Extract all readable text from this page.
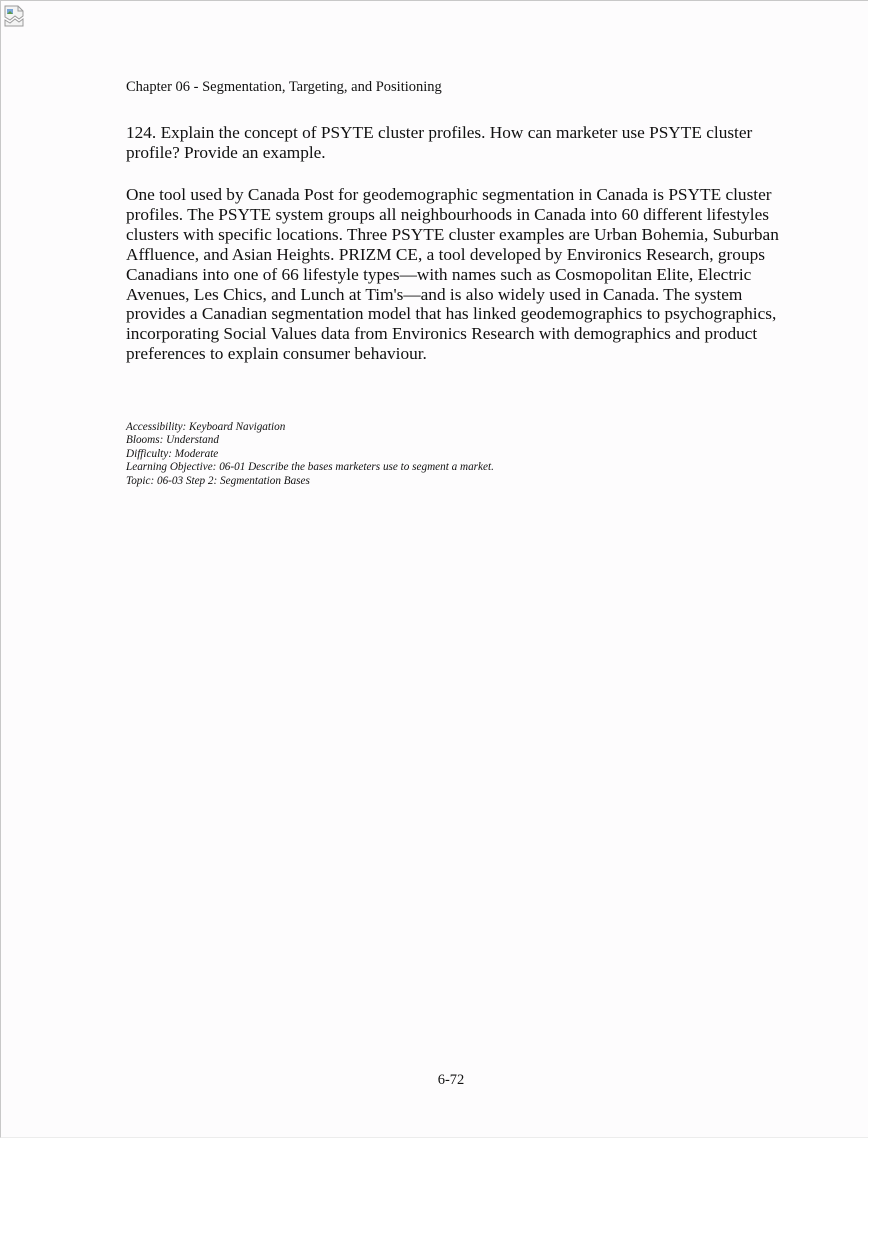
Chapter 06 - Segmentation, Targeting, and Positioning

124. Explain the concept of PSYTE cluster profiles. How can marketer use PSYTE cluster profile? Provide an example.

One tool used by Canada Post for geodemographic segmentation in Canada is PSYTE cluster
profiles. The PSYTE system groups all neighbourhoods in Canada into 60 different lifestyles
clusters with specific locations. Three PSYTE cluster examples are Urban Bohemia, Suburban
Affluence, and Asian Heights. PRIZM CE, a tool developed by Environics Research, groups
Canadians into one of 66 lifestyle types—with names such as Cosmopolitan Elite, Electric
Avenues, Les Chics, and Lunch at Tim's—and is also widely used in Canada. The system
provides a Canadian segmentation model that has linked geodemographics to psychographics,
incorporating Social Values data from Environics Research with demographics and product
preferences to explain consumer behaviour.

Accessibility: Keyboard Navigation
Blooms: Understand
Difficulty: Moderate
Learning Objective: 06-01 Describe the bases marketers use to segment a market.
Topic: 06-03 Step 2: Segmentation Bases
6-72
